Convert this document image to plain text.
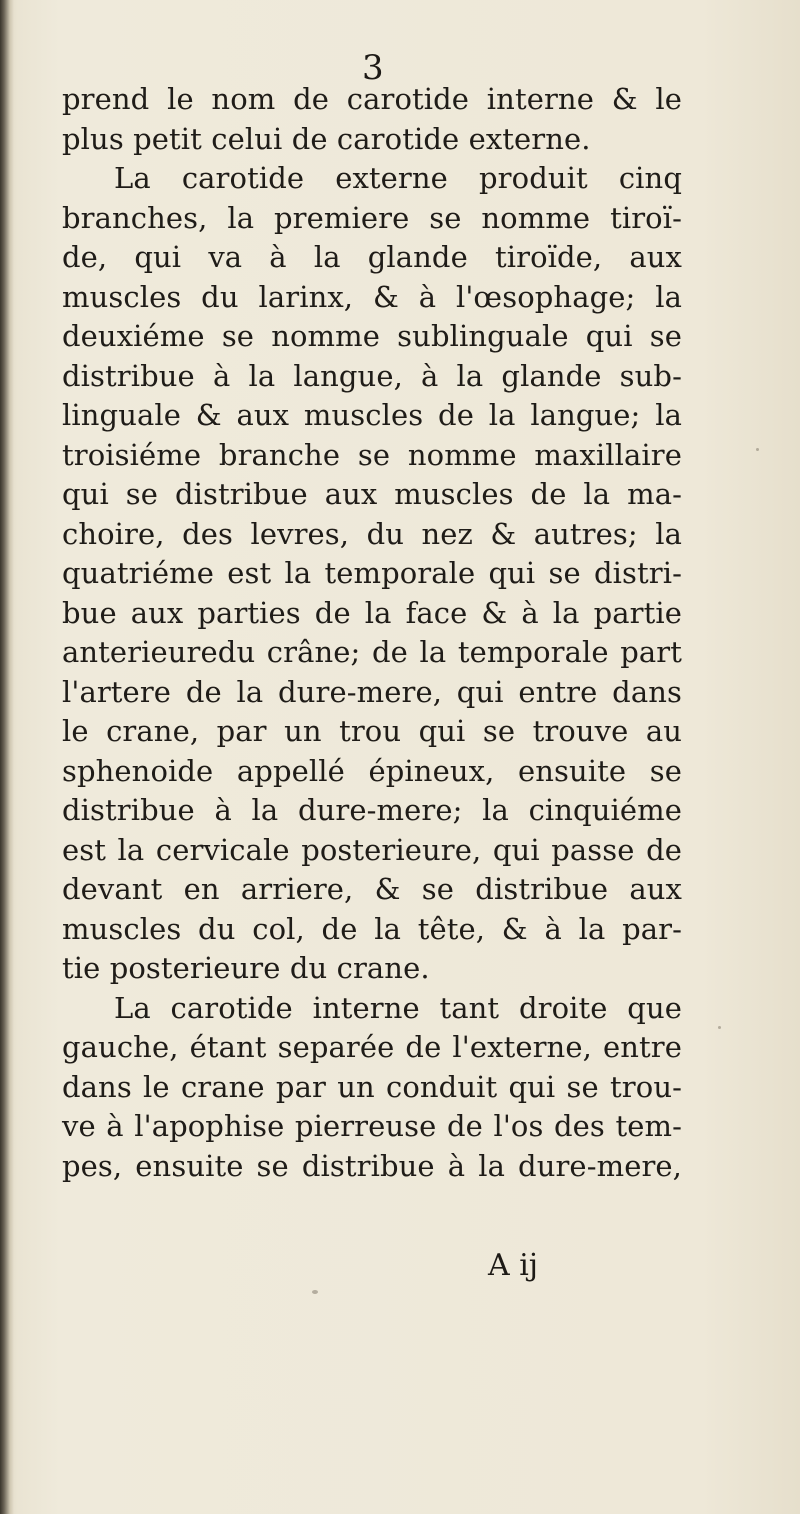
3
prend le nom de carotide interne & le
plus petit celui de carotide externe.
La carotide externe produit cinq
branches, la premiere se nomme tiroï-
de, qui va à la glande tiroïde, aux
muscles du larinx, & à l'œsophage; la
deuxiéme se nomme sublinguale qui se
distribue à la langue, à la glande sub-
linguale & aux muscles de la langue; la
troisiéme branche se nomme maxillaire
qui se distribue aux muscles de la ma-
choire, des levres, du nez & autres; la
quatriéme est la temporale qui se distri-
bue aux parties de la face & à la partie
anterieuredu crâne; de la temporale part
l'artere de la dure-mere, qui entre dans
le crane, par un trou qui se trouve au
sphenoide appellé épineux, ensuite se
distribue à la dure-mere; la cinquiéme
est la cervicale posterieure, qui passe de
devant en arriere, & se distribue aux
muscles du col, de la tête, & à la par-
tie posterieure du crane.
La carotide interne tant droite que
gauche, étant separée de l'externe, entre
dans le crane par un conduit qui se trou-
ve à l'apophise pierreuse de l'os des tem-
pes, ensuite se distribue à la dure-mere,
A ij
